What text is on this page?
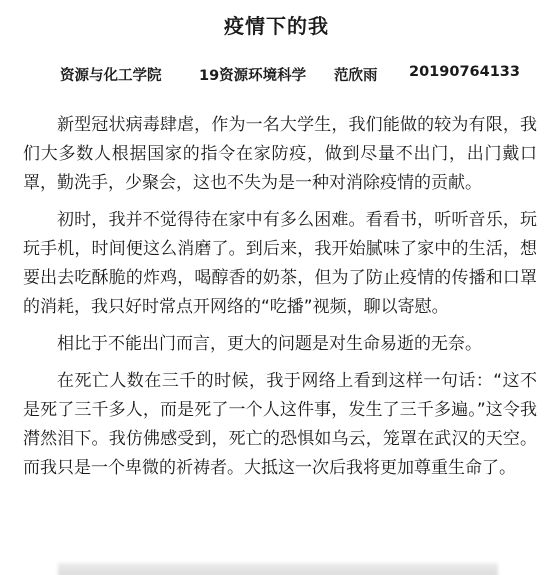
疫情下的我
资源与化工学院	19资源环境科学 范欣雨 20190764133

新型冠状病毒肆虐，作为一名大学生，我们能做的较为有限，我们大多数人根据国家的指令在家防疫，做到尽量不出门，出门戴口罩，勤洗手，少聚会，这也不失为是一种对消除疫情的贡献。

初时，我并不觉得待在家中有多么困难。看看书，听听音乐，玩玩手机，时间便这么消磨了。到后来，我开始腻味了家中的生活，想要出去吃酥脆的炸鸡，喝醇香的奶茶，但为了防止疫情的传播和口罩的消耗，我只好时常点开网络的“吃播”视频，聊以寄慰。

相比于不能出门而言，更大的问题是对生命易逝的无奈。

在死亡人数在三千的时候，我于网络上看到这样一句话：“这不是死了三千多人，而是死了一个人这件事，发生了三千多遍。”这令我潸然泪下。我仿佛感受到，死亡的恐惧如乌云，笼罩在武汉的天空。而我只是一个卑微的祈祷者。大抵这一次后我将更加尊重生命了。
